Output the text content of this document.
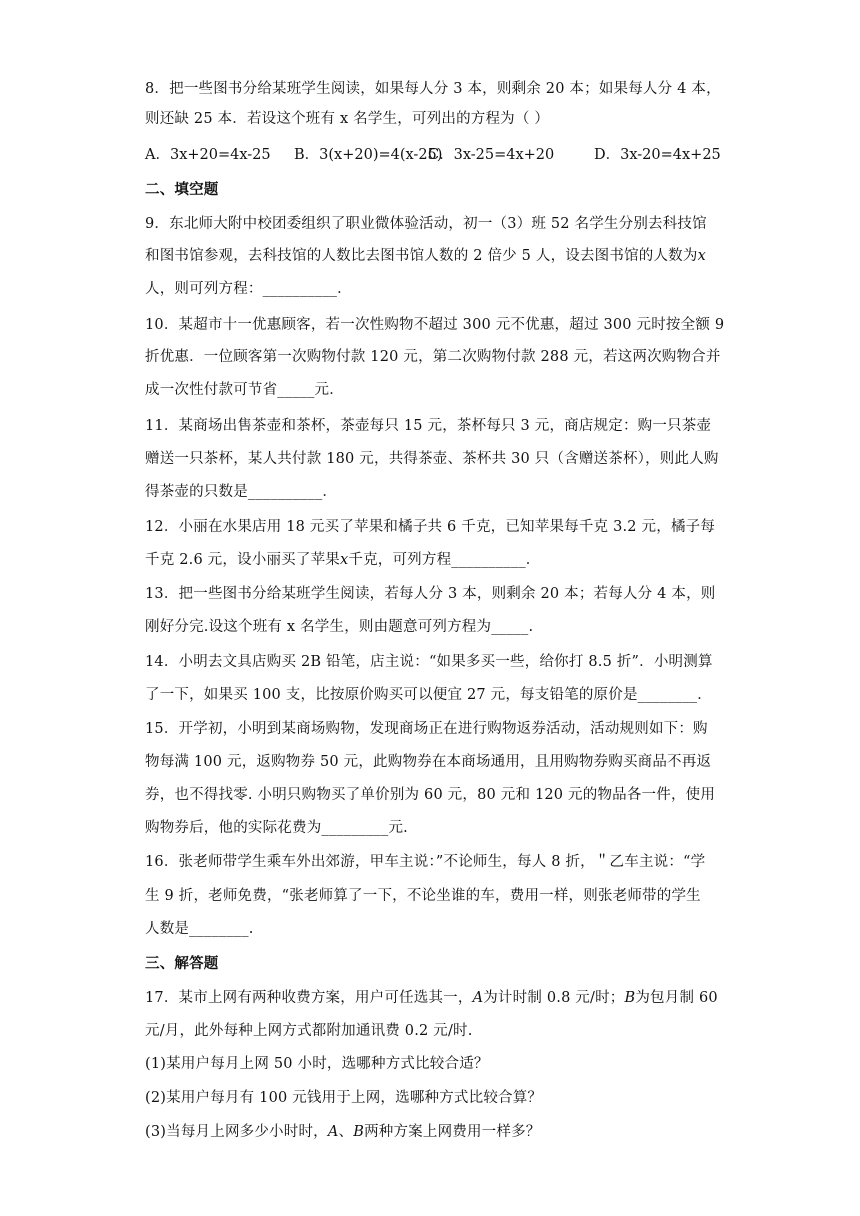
8．把一些图书分给某班学生阅读，如果每人分 3 本，则剩余 20 本；如果每人分 4 本，
则还缺 25 本．若设这个班有 x 名学生，可列出的方程为（ ）
A．3x+20=4x-25 B．3(x+20)=4(x-25)
C．3x-25=4x+20	D．3x-20=4x+25
二、填空题
9．东北师大附中校团委组织了职业微体验活动，初一（3）班 52 名学生分别去科技馆
和图书馆参观，去科技馆的人数比去图书馆人数的 2 倍少 5 人，设去图书馆的人数为x
人，则可列方程：__________．
10．某超市十一优惠顾客，若一次性购物不超过 300 元不优惠，超过 300 元时按全额 9
折优惠．一位顾客第一次购物付款 120 元，第二次购物付款 288 元，若这两次购物合并
成一次性付款可节省_____元．
11．某商场出售茶壶和茶杯，茶壶每只 15 元，茶杯每只 3 元，商店规定：购一只茶壶
赠送一只茶杯，某人共付款 180 元，共得茶壶、茶杯共 30 只（含赠送茶杯），则此人购
得茶壶的只数是__________．
12．小丽在水果店用 18 元买了苹果和橘子共 6 千克，已知苹果每千克 3.2 元，橘子每
千克 2.6 元，设小丽买了苹果x千克，可列方程__________．
13．把一些图书分给某班学生阅读，若每人分 3 本，则剩余 20 本；若每人分 4 本，则
刚好分完.设这个班有 x 名学生，则由题意可列方程为_____.
14．小明去文具店购买 2B 铅笔，店主说：“如果多买一些，给你打 8.5 折”．小明测算
了一下，如果买 100 支，比按原价购买可以便宜 27 元，每支铅笔的原价是________．
15．开学初，小明到某商场购物，发现商场正在进行购物返券活动，活动规则如下：购
物每满 100 元，返购物券 50 元，此购物券在本商场通用，且用购物券购买商品不再返
券，也不得找零. 小明只购物买了单价别为 60 元，80 元和 120 元的物品各一件，使用
购物券后，他的实际花费为_________元.
16．张老师带学生乘车外出郊游，甲车主说：”不论师生，每人 8 折，＂乙车主说：“学
生 9 折，老师免费，“张老师算了一下，不论坐谁的车，费用一样，则张老师带的学生
人数是________.
三、解答题
17．某市上网有两种收费方案，用户可任选其一，A为计时制 0.8 元/时；B为包月制 60
元/月，此外每种上网方式都附加通讯费 0.2 元/时.
(1)某用户每月上网 50 小时，选哪种方式比较合适？
(2)某用户每月有 100 元钱用于上网，选哪种方式比较合算？
(3)当每月上网多少小时时，A、B两种方案上网费用一样多？
